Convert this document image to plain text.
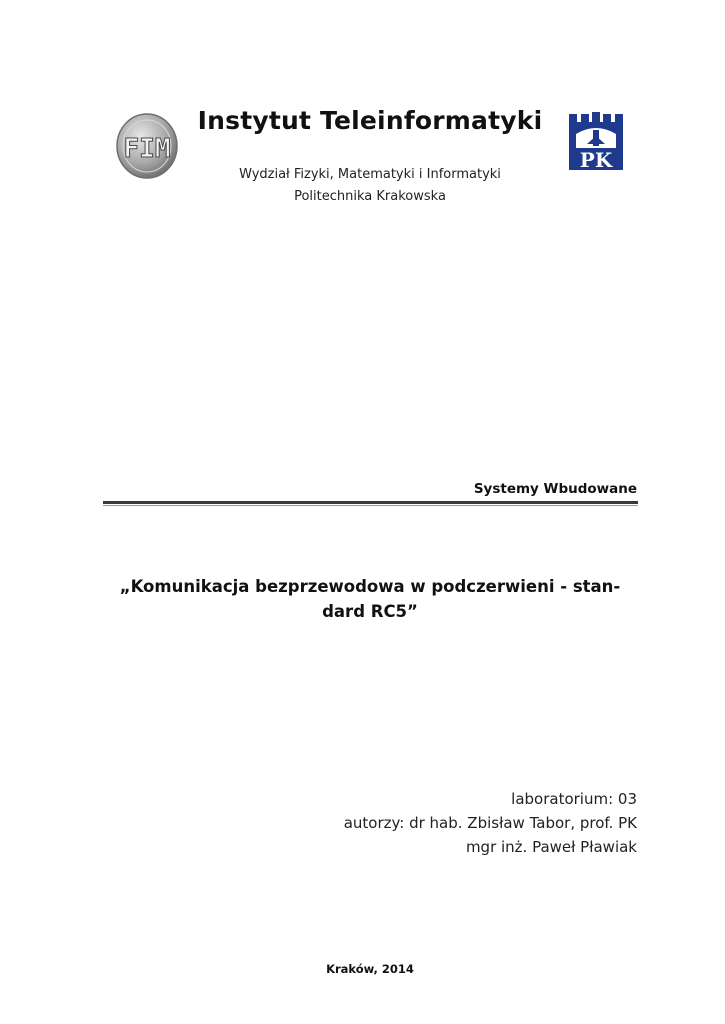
FIM	PK
Instytut Teleinformatyki
Wydział Fizyki, Matematyki i Informatyki
Politechnika Krakowska
Systemy Wbudowane
„Komunikacja bezprzewodowa w podczerwieni - stan-
dard RC5”
laboratorium: 03
autorzy: dr hab. Zbisław Tabor, prof. PK
mgr inż. Paweł Pławiak
Kraków, 2014
